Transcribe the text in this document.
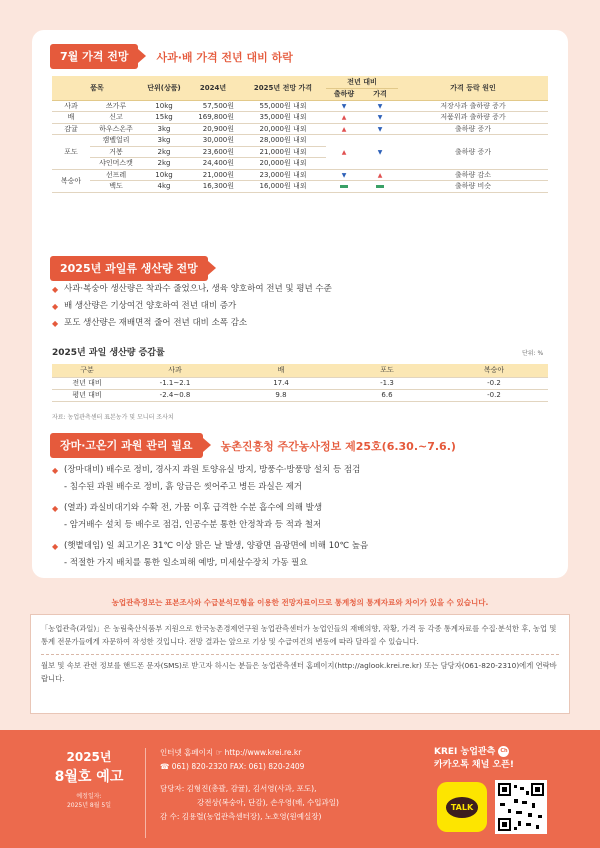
7월 가격 전망	사과·배 가격 전년 대비 하락
품목		단위(상품)	2024년	2025년 전망 가격	전년 대비		가격 등락 원인
					출하량	가격	
사과	쓰가루	10kg	57,500원	55,000원 내외	▼	▼	저장사과 출하량 증가
배	신고	15kg	169,800원	35,000원 내외	▲	▼	저품위과 출하량 증가
감귤	하우스온주	3kg	20,900원	20,000원 내외	▲	▼	출하량 증가
포도	캠벨얼리	3kg	30,000원	28,000원 내외	▲	▼	출하량 증가
	거봉	2kg	23,600원	21,000원 내외			
	샤인머스캣	2kg	24,400원	20,000원 내외			
복숭아	선프레	10kg	21,000원	23,000원 내외	▼	▲	출하량 감소
	백도	4kg	16,300원	16,000원 내외			출하량 비슷
2025년 과일류 생산량 전망
◆ 사과·복숭아 생산량은 착과수 줄었으나, 생육 양호하여 전년 및 평년 수준
◆ 배 생산량은 기상여건 양호하여 전년 대비 증가
◆ 포도 생산량은 재배면적 줄어 전년 대비 소폭 감소
2025년 과일 생산량 증감률	단위: %
구분	사과	배	포도	복숭아
전년 대비	-1.1~2.1	17.4	-1.3	-0.2
평년 대비	-2.4~0.8	9.8	6.6	-0.2
자료: 농업관측센터 표본농가 및 모니터 조사치
장마·고온기 과원 관리 필요	농촌진흥청 주간농사정보 제25호(6.30.~7.6.)
◆ (장마대비) 배수로 정비, 경사지 과원 토양유실 방지, 방풍수·방풍망 설치 등 점검
- 침수된 과원 배수로 정비, 흙 앙금은 씻어주고 병든 과실은 제거
◆ (열과) 과실비대기와 수확 전, 가뭄 이후 급격한 수분 흡수에 의해 발생
- 암거배수 설치 등 배수로 점검, 인공수분 통한 안정착과 등 적과 철저
◆ (햇볕데임) 일 최고기온 31℃ 이상 맑은 날 발생, 양광면 음광면에 비해 10℃ 높음
- 적절한 가지 배치를 통한 일소피해 예방, 미세살수장치 가동 필요
농업관측정보는 표본조사와 수급분석모형을 이용한 전망자료이므로 통계청의 통계자료와 차이가 있을 수 있습니다.
「농업관측(과일)」은 농림축산식품부 지원으로 한국농촌경제연구원 농업관측센터가 농업인들의 재배의향, 작황, 가격 등 각종 통계자료를 수집·분석한 후, 농업 및 통계 전문가들에게 자문하여 작성한 것입니다. 전망 결과는 앞으로 기상 및 수급여건의 변동에 따라 달라질 수 있습니다.
월보 및 속보 관련 정보를 핸드폰 문자(SMS)로 받고자 하시는 분들은 농업관측센터 홈페이지(http://aglook.krei.re.kr) 또는 담당자(061-820-2310)에게 연락바랍니다.
2025년
8월호 예고
예정일자:
2025년 8월 5일
인터넷 홈페이지 ☞ http://www.krei.re.kr
☎ 061) 820-2320 FAX: 061) 820-2409
담당자: 김형진(총괄, 감귤), 김서영(사과, 포도),
강전상(복숭아, 단감), 손우영(배, 수입과일)
감 수: 김용렬(농업관측센터장), 노호영(원예실장)
KREI 농업관측 Ch
카카오톡 채널 오픈!
TALK
